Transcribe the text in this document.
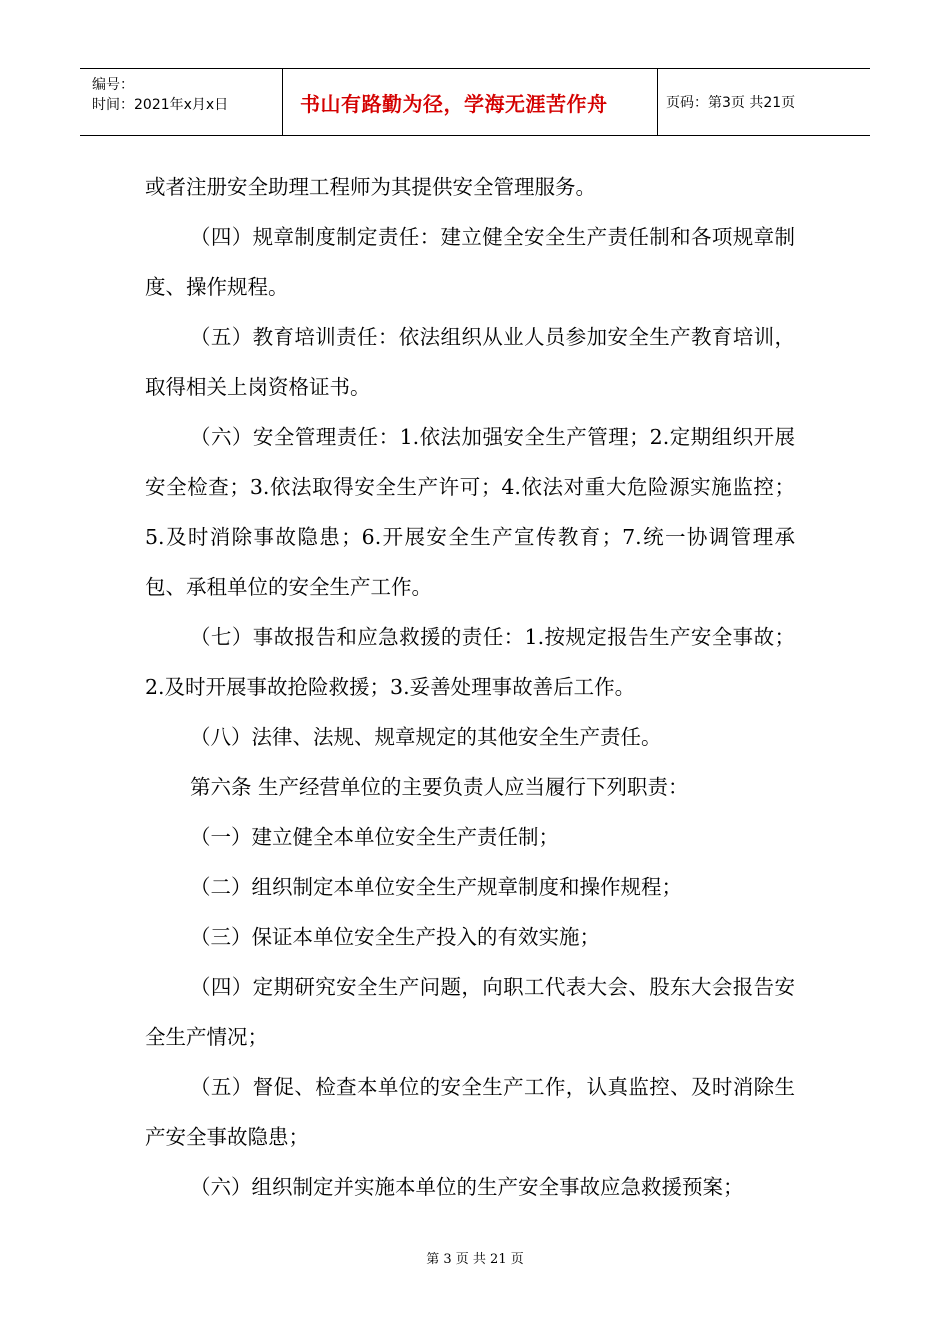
编号：
时间：2021年x月x日	书山有路勤为径，学海无涯苦作舟	页码：第3页 共21页

或者注册安全助理工程师为其提供安全管理服务。

（四）规章制度制定责任：建立健全安全生产责任制和各项规章制度、操作规程。

（五）教育培训责任：依法组织从业人员参加安全生产教育培训，取得相关上岗资格证书。

（六）安全管理责任：1.依法加强安全生产管理；2.定期组织开展安全检查；3.依法取得安全生产许可；4.依法对重大危险源实施监控；5.及时消除事故隐患；6.开展安全生产宣传教育；7.统一协调管理承包、承租单位的安全生产工作。

（七）事故报告和应急救援的责任：1.按规定报告生产安全事故；2.及时开展事故抢险救援；3.妥善处理事故善后工作。

（八）法律、法规、规章规定的其他安全生产责任。

第六条 生产经营单位的主要负责人应当履行下列职责：

（一）建立健全本单位安全生产责任制；

（二）组织制定本单位安全生产规章制度和操作规程；

（三）保证本单位安全生产投入的有效实施；

（四）定期研究安全生产问题，向职工代表大会、股东大会报告安全生产情况；

（五）督促、检查本单位的安全生产工作，认真监控、及时消除生产安全事故隐患；

（六）组织制定并实施本单位的生产安全事故应急救援预案；

第 3 页 共 21 页
